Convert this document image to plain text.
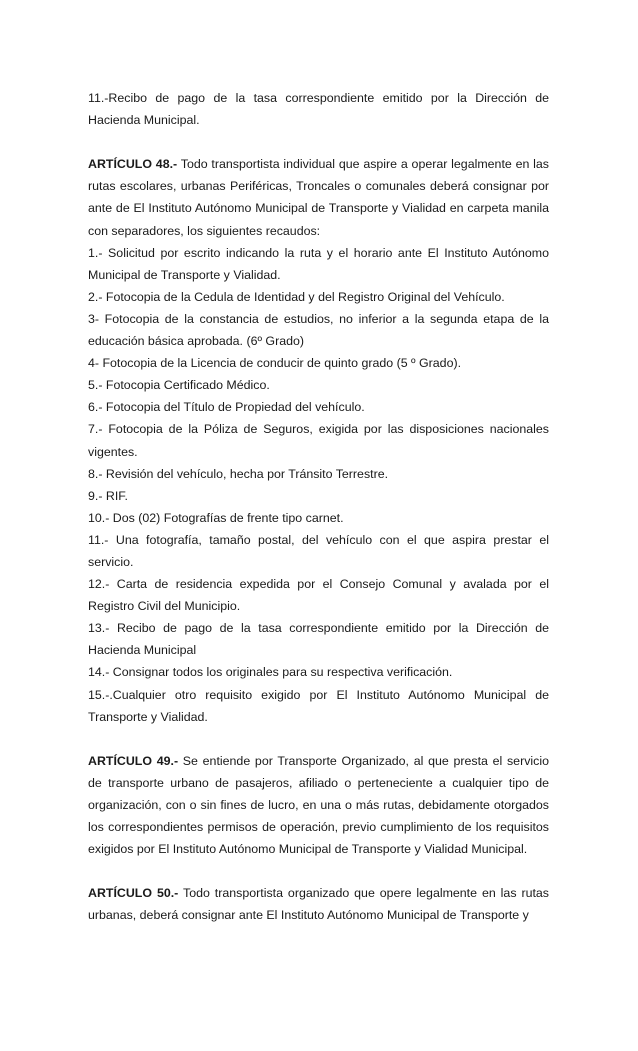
11.-Recibo de pago de la tasa correspondiente emitido por la Dirección de Hacienda Municipal.

ARTÍCULO 48.- Todo transportista individual que aspire a operar legalmente en las rutas escolares, urbanas Periféricas, Troncales o comunales deberá consignar por ante de El Instituto Autónomo Municipal de Transporte y Vialidad en carpeta manila con separadores, los siguientes recaudos:

1.- Solicitud por escrito indicando la ruta y el horario ante El Instituto Autónomo Municipal de Transporte y Vialidad.

2.- Fotocopia de la Cedula de Identidad y del Registro Original del Vehículo.

3- Fotocopia de la constancia de estudios, no inferior a la segunda etapa de la educación básica aprobada. (6º Grado)

4- Fotocopia de la Licencia de conducir de quinto grado (5 º Grado).

5.- Fotocopia Certificado Médico.

6.- Fotocopia del Título de Propiedad del vehículo.

7.- Fotocopia de la Póliza de Seguros, exigida por las disposiciones nacionales vigentes.

8.- Revisión del vehículo, hecha por Tránsito Terrestre.

9.- RIF.

10.- Dos (02) Fotografías de frente tipo carnet.

11.- Una fotografía, tamaño postal, del vehículo con el que aspira prestar el servicio.

12.- Carta de residencia expedida por el Consejo Comunal y avalada por el Registro Civil del Municipio.

13.- Recibo de pago de la tasa correspondiente emitido por la Dirección de Hacienda Municipal

14.- Consignar todos los originales para su respectiva verificación.

15.-.Cualquier otro requisito exigido por El Instituto Autónomo Municipal de Transporte y Vialidad.

ARTÍCULO 49.- Se entiende por Transporte Organizado, al que presta el servicio de transporte urbano de pasajeros, afiliado o perteneciente a cualquier tipo de organización, con o sin fines de lucro, en una o más rutas, debidamente otorgados los correspondientes permisos de operación, previo cumplimiento de los requisitos exigidos por El Instituto Autónomo Municipal de Transporte y Vialidad Municipal.

ARTÍCULO 50.- Todo transportista organizado que opere legalmente en las rutas urbanas, deberá consignar ante El Instituto Autónomo Municipal de Transporte y
